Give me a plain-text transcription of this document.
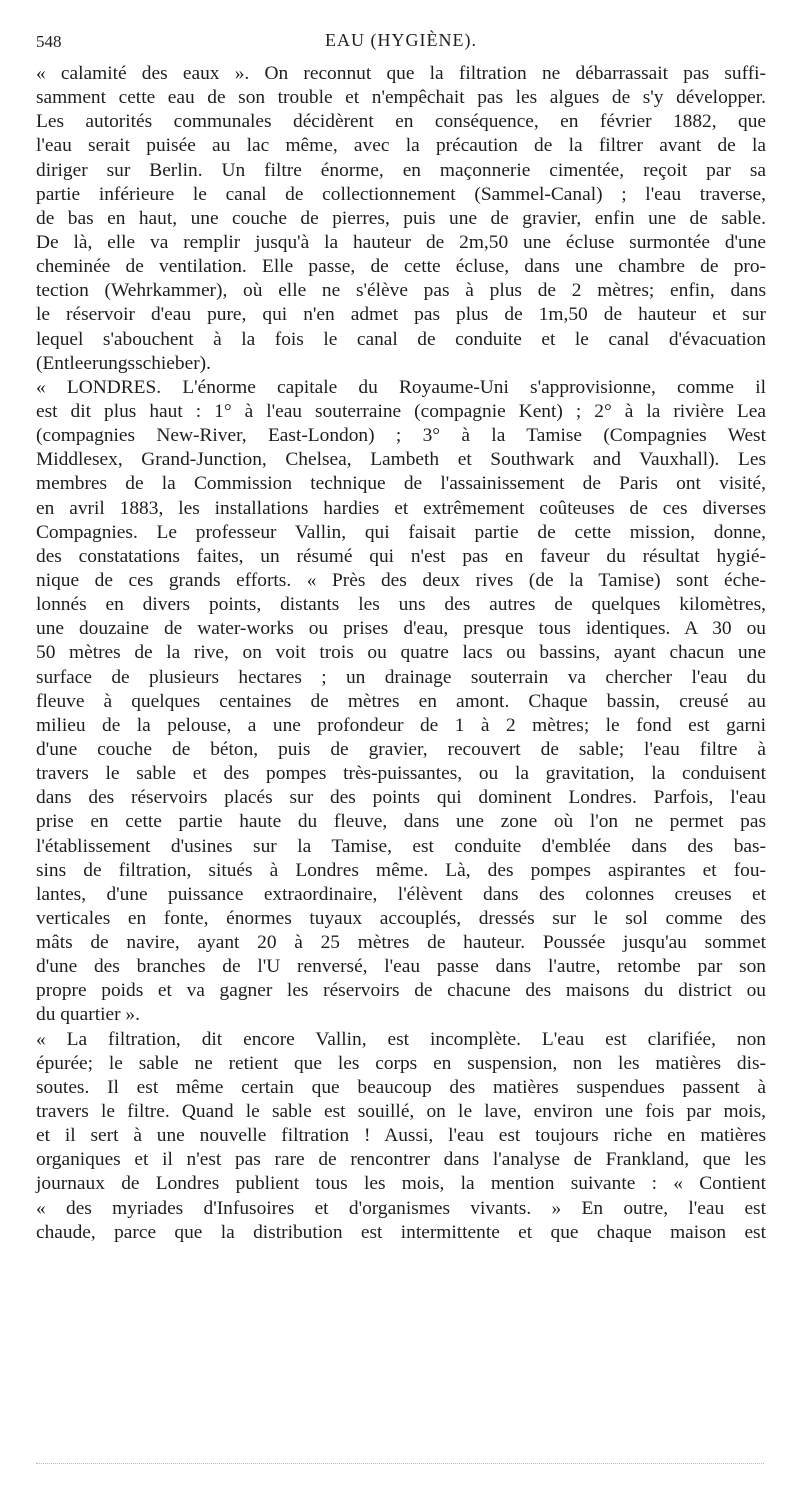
548	EAU (HYGIÈNE).
« calamité des eaux ». On reconnut que la filtration ne débarrassait pas suffi-
samment cette eau de son trouble et n'empêchait pas les algues de s'y développer.
Les autorités communales décidèrent en conséquence, en février 1882, que
l'eau serait puisée au lac même, avec la précaution de la filtrer avant de la
diriger sur Berlin. Un filtre énorme, en maçonnerie cimentée, reçoit par sa
partie inférieure le canal de collectionnement (Sammel-Canal) ; l'eau traverse,
de bas en haut, une couche de pierres, puis une de gravier, enfin une de sable.
De là, elle va remplir jusqu'à la hauteur de 2m,50 une écluse surmontée d'une
cheminée de ventilation. Elle passe, de cette écluse, dans une chambre de pro-
tection (Wehrkammer), où elle ne s'élève pas à plus de 2 mètres; enfin, dans
le réservoir d'eau pure, qui n'en admet pas plus de 1m,50 de hauteur et sur
lequel s'abouchent à la fois le canal de conduite et le canal d'évacuation
(Entleerungsschieber).
« LONDRES. L'énorme capitale du Royaume-Uni s'approvisionne, comme il
est dit plus haut : 1° à l'eau souterraine (compagnie Kent) ; 2° à la rivière Lea
(compagnies New-River, East-London) ; 3° à la Tamise (Compagnies West
Middlesex, Grand-Junction, Chelsea, Lambeth et Southwark and Vauxhall). Les
membres de la Commission technique de l'assainissement de Paris ont visité,
en avril 1883, les installations hardies et extrêmement coûteuses de ces diverses
Compagnies. Le professeur Vallin, qui faisait partie de cette mission, donne,
des constatations faites, un résumé qui n'est pas en faveur du résultat hygié-
nique de ces grands efforts. « Près des deux rives (de la Tamise) sont éche-
lonnés en divers points, distants les uns des autres de quelques kilomètres,
une douzaine de water-works ou prises d'eau, presque tous identiques. A 30 ou
50 mètres de la rive, on voit trois ou quatre lacs ou bassins, ayant chacun une
surface de plusieurs hectares ; un drainage souterrain va chercher l'eau du
fleuve à quelques centaines de mètres en amont. Chaque bassin, creusé au
milieu de la pelouse, a une profondeur de 1 à 2 mètres; le fond est garni
d'une couche de béton, puis de gravier, recouvert de sable; l'eau filtre à
travers le sable et des pompes très-puissantes, ou la gravitation, la conduisent
dans des réservoirs placés sur des points qui dominent Londres. Parfois, l'eau
prise en cette partie haute du fleuve, dans une zone où l'on ne permet pas
l'établissement d'usines sur la Tamise, est conduite d'emblée dans des bas-
sins de filtration, situés à Londres même. Là, des pompes aspirantes et fou-
lantes, d'une puissance extraordinaire, l'élèvent dans des colonnes creuses et
verticales en fonte, énormes tuyaux accouplés, dressés sur le sol comme des
mâts de navire, ayant 20 à 25 mètres de hauteur. Poussée jusqu'au sommet
d'une des branches de l'U renversé, l'eau passe dans l'autre, retombe par son
propre poids et va gagner les réservoirs de chacune des maisons du district ou
du quartier ».
« La filtration, dit encore Vallin, est incomplète. L'eau est clarifiée, non
épurée; le sable ne retient que les corps en suspension, non les matières dis-
soutes. Il est même certain que beaucoup des matières suspendues passent à
travers le filtre. Quand le sable est souillé, on le lave, environ une fois par mois,
et il sert à une nouvelle filtration ! Aussi, l'eau est toujours riche en matières
organiques et il n'est pas rare de rencontrer dans l'analyse de Frankland, que les
journaux de Londres publient tous les mois, la mention suivante : « Contient
« des myriades d'Infusoires et d'organismes vivants. » En outre, l'eau est
chaude, parce que la distribution est intermittente et que chaque maison est
